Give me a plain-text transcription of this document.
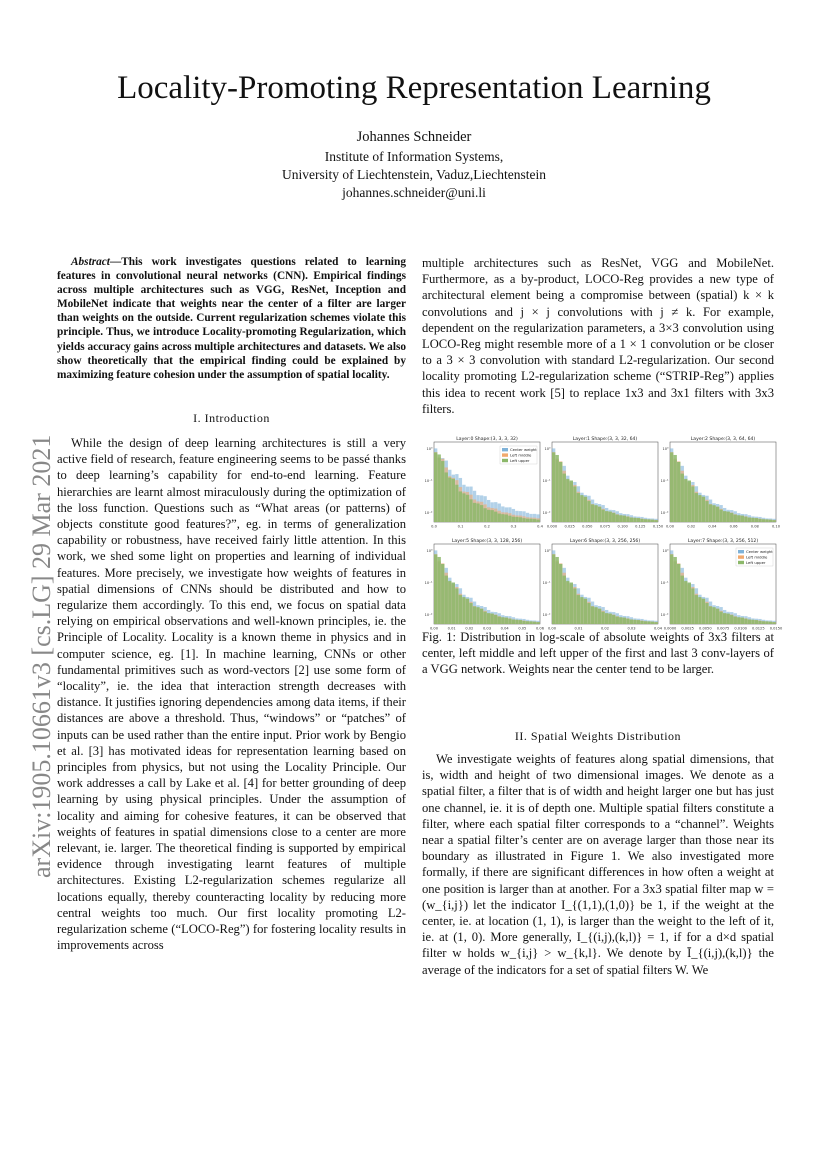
arXiv:1905.10661v3 [cs.LG] 29 Mar 2021
Locality-Promoting Representation Learning
Johannes Schneider
Institute of Information Systems,
University of Liechtenstein, Vaduz,Liechtenstein
johannes.schneider@uni.li
Abstract—This work investigates questions related to learning features in convolutional neural networks (CNN). Empirical findings across multiple architectures such as VGG, ResNet, Inception and MobileNet indicate that weights near the center of a filter are larger than weights on the outside. Current regularization schemes violate this principle. Thus, we introduce Locality-promoting Regularization, which yields accuracy gains across multiple architectures and datasets. We also show theoretically that the empirical finding could be explained by maximizing feature cohesion under the assumption of spatial locality.
I. Introduction

While the design of deep learning architectures is still a very active field of research, feature engineering seems to be passé thanks to deep learning’s capability for end-to-end learning. Feature hierarchies are learnt almost miraculously during the optimization of the loss function. Questions such as “What areas (or patterns) of objects constitute good features?”, eg. in terms of generalization capability or robustness, have received fairly little attention. In this work, we shed some light on properties and learning of individual features. More precisely, we investigate how weights of features in spatial dimensions of CNNs should be distributed and how to regularize them accordingly. To this end, we focus on spatial data relying on empirical observations and well-known principles, ie. the Principle of Locality. Locality is a known theme in physics and in computer science, eg. [1]. In machine learning, CNNs or other fundamental primitives such as word-vectors [2] use some form of “locality”, ie. the idea that interaction strength decreases with distance. It justifies ignoring dependencies among data items, if their distances are above a threshold. Thus, “windows” or “patches” of inputs can be used rather than the entire input. Prior work by Bengio et al. [3] has motivated ideas for representation learning based on principles from physics, but not using the Locality Principle. Our work addresses a call by Lake et al. [4] for better grounding of deep learning by using physical principles. Under the assumption of locality and aiming for cohesive features, it can be observed that weights of features in spatial dimensions close to a center are more relevant, ie. larger. The theoretical finding is supported by empirical evidence through investigating learnt features of multiple architectures. Existing L2-regularization schemes regularize all locations equally, thereby counteracting locality by reducing more central weights too much. Our first locality promoting L2-regularization scheme (“LOCO-Reg”) for fostering locality results in improvements across

multiple architectures such as ResNet, VGG and MobileNet. Furthermore, as a by-product, LOCO-Reg provides a new type of architectural element being a compromise between (spatial) k × k convolutions and j × j convolutions with j ≠ k. For example, dependent on the regularization parameters, a 3×3 convolution using LOCO-Reg might resemble more of a 1 × 1 convolution or be closer to a 3 × 3 convolution with standard L2-regularization. Our second locality promoting L2-regularization scheme (“STRIP-Reg”) applies this idea to recent work [5] to replace 1x3 and 3x1 filters with 3x3 filters.

Layer:0 Shape:(3, 3, 3, 32)
0.0	0.1	0.2	0.3	0.4
10⁰
10⁻¹
10⁻²
Center weight
Left middle
Left upper
Layer:1 Shape:(3, 3, 32, 64)
0.000 0.025 0.050 0.075 0.100 0.125 0.150
10⁰
10⁻¹
10⁻²
Layer:2 Shape:(3, 3, 64, 64)
0.00	0.02	0.04	0.06	0.08	0.10
10⁰
10⁻¹
10⁻²
Layer:5 Shape:(3, 3, 128, 256)
0.00	0.01	0.02	0.03	0.04	0.05	0.06
10⁰
10⁻¹
10⁻²
Layer:6 Shape:(3, 3, 256, 256)
0.00	0.01	0.02	0.03	0.04
10⁰
10⁻¹
10⁻²
Layer:7 Shape:(3, 3, 256, 512)
0.0000 0.0025 0.0050 0.0075 0.0100 0.0125 0.0150
10⁰
10⁻¹
10⁻²
Center weight
Left middle
Left upper
Fig. 1: Distribution in log-scale of absolute weights of 3x3 filters at center, left middle and left upper of the first and last 3 conv-layers of a VGG network. Weights near the center tend to be larger.
II. Spatial Weights Distribution

We investigate weights of features along spatial dimensions, that is, width and height of two dimensional images. We denote as a spatial filter, a filter that is of width and height larger one but has just one channel, ie. it is of depth one. Multiple spatial filters constitute a filter, where each spatial filter corresponds to a “channel”. Weights near a spatial filter’s center are on average larger than those near its boundary as illustrated in Figure 1. We also investigated more formally, if there are significant differences in how often a weight at one position is larger than at another. For a 3x3 spatial filter map w = (w_{i,j}) let the indicator I_{(1,1),(1,0)} be 1, if the weight at the center, ie. at location (1, 1), is larger than the weight to the left of it, ie. at (1, 0). More generally, I_{(i,j),(k,l)} = 1, if for a d×d spatial filter w holds w_{i,j} > w_{k,l}. We denote by Ī_{(i,j),(k,l)} the average of the indicators for a set of spatial filters W. We
